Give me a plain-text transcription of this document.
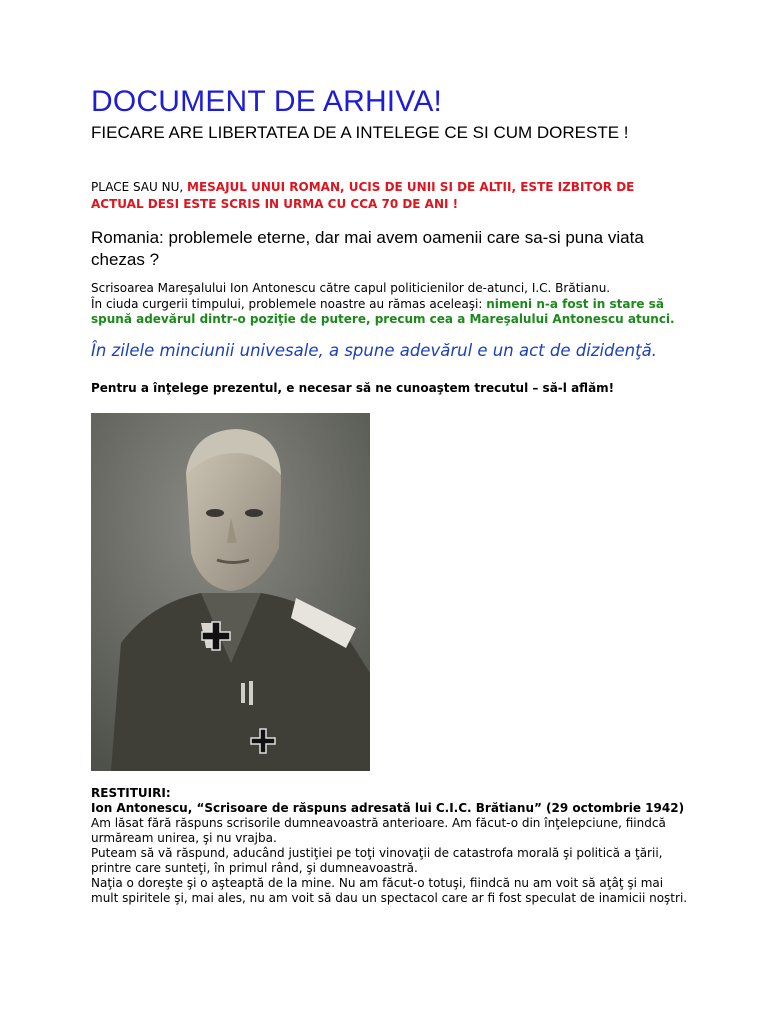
DOCUMENT DE ARHIVA!
FIECARE ARE LIBERTATEA DE A INTELEGE CE SI CUM DORESTE !
PLACE SAU NU, MESAJUL UNUI ROMAN, UCIS DE UNII SI DE ALTII, ESTE IZBITOR DE ACTUAL DESI ESTE SCRIS IN URMA CU CCA 70 DE ANI !
Romania: problemele eterne, dar mai avem oamenii care sa-si puna viata chezas ?
Scrisoarea Mareşalului Ion Antonescu către capul politicienilor de-atunci, I.C. Brătianu.
În ciuda curgerii timpului, problemele noastre au rămas aceleaşi: nimeni n-a fost in stare să spună adevărul dintr-o poziţie de putere, precum cea a Mareşalului Antonescu atunci.
În zilele minciunii univesale, a spune adevărul e un act de dizidenţă.
Pentru a înţelege prezentul, e necesar să ne cunoaştem trecutul – să-l aflăm!
RESTITUIRI:
Ion Antonescu, “Scrisoare de răspuns adresată lui C.I.C. Brătianu” (29 octombrie 1942)
Am lăsat fără răspuns scrisorile dumneavoastră anterioare. Am făcut-o din înţelepciune, fiindcă urmăream unirea, şi nu vrajba.
Puteam să vă răspund, aducând justiţiei pe toţi vinovaţii de catastrofa morală şi politică a ţării, printre care sunteţi, în primul rând, şi dumneavoastră.
Naţia o doreşte şi o aşteaptă de la mine. Nu am făcut-o totuşi, fiindcă nu am voit să aţâţ şi mai mult spiritele şi, mai ales, nu am voit să dau un spectacol care ar fi fost speculat de inamicii noştri.
